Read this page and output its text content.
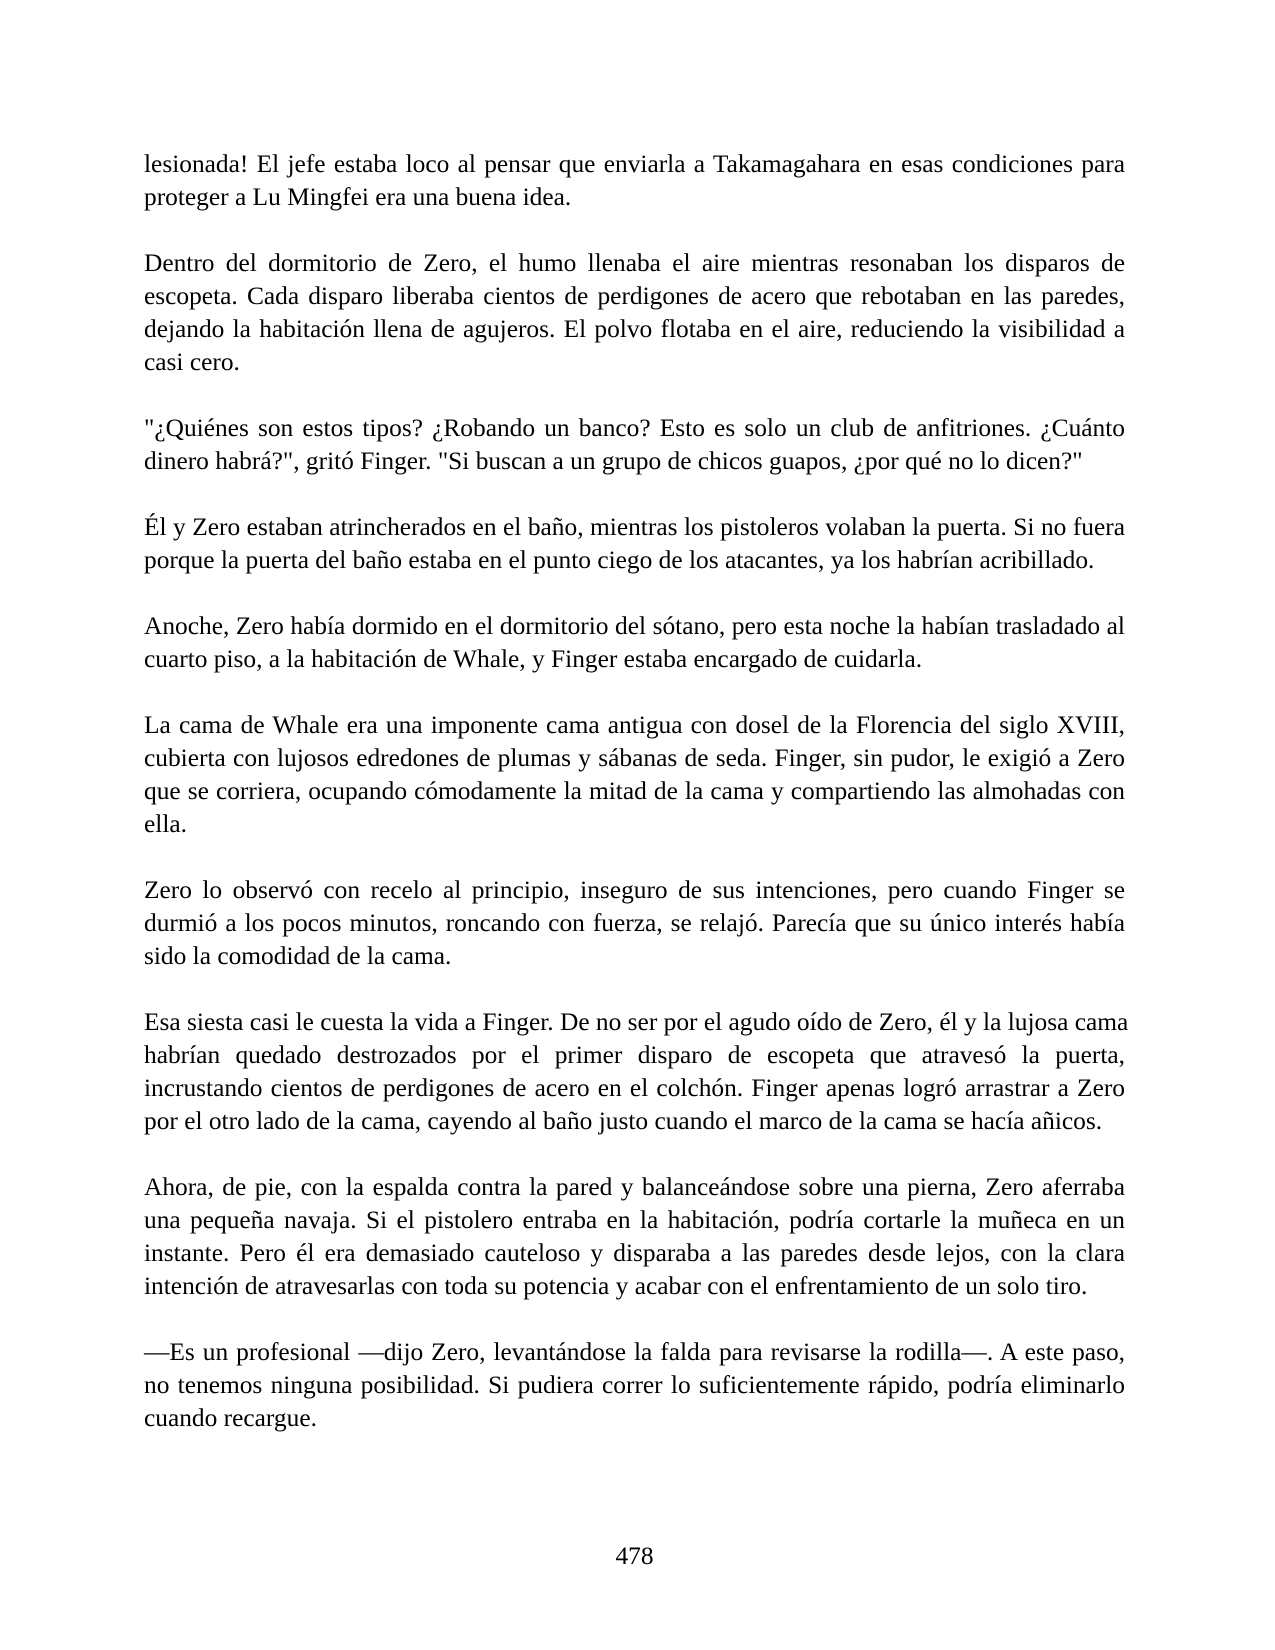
lesionada! El jefe estaba loco al pensar que enviarla a Takamagahara en esas condiciones para
proteger a Lu Mingfei era una buena idea.
Dentro del dormitorio de Zero, el humo llenaba el aire mientras resonaban los disparos de
escopeta. Cada disparo liberaba cientos de perdigones de acero que rebotaban en las paredes,
dejando la habitación llena de agujeros. El polvo flotaba en el aire, reduciendo la visibilidad a
casi cero.
"¿Quiénes son estos tipos? ¿Robando un banco? Esto es solo un club de anfitriones. ¿Cuánto
dinero habrá?", gritó Finger. "Si buscan a un grupo de chicos guapos, ¿por qué no lo dicen?"
Él y Zero estaban atrincherados en el baño, mientras los pistoleros volaban la puerta. Si no fuera
porque la puerta del baño estaba en el punto ciego de los atacantes, ya los habrían acribillado.
Anoche, Zero había dormido en el dormitorio del sótano, pero esta noche la habían trasladado al
cuarto piso, a la habitación de Whale, y Finger estaba encargado de cuidarla.
La cama de Whale era una imponente cama antigua con dosel de la Florencia del siglo XVIII,
cubierta con lujosos edredones de plumas y sábanas de seda. Finger, sin pudor, le exigió a Zero
que se corriera, ocupando cómodamente la mitad de la cama y compartiendo las almohadas con
ella.
Zero lo observó con recelo al principio, inseguro de sus intenciones, pero cuando Finger se
durmió a los pocos minutos, roncando con fuerza, se relajó. Parecía que su único interés había
sido la comodidad de la cama.
Esa siesta casi le cuesta la vida a Finger. De no ser por el agudo oído de Zero, él y la lujosa cama
habrían quedado destrozados por el primer disparo de escopeta que atravesó la puerta,
incrustando cientos de perdigones de acero en el colchón. Finger apenas logró arrastrar a Zero
por el otro lado de la cama, cayendo al baño justo cuando el marco de la cama se hacía añicos.
Ahora, de pie, con la espalda contra la pared y balanceándose sobre una pierna, Zero aferraba
una pequeña navaja. Si el pistolero entraba en la habitación, podría cortarle la muñeca en un
instante. Pero él era demasiado cauteloso y disparaba a las paredes desde lejos, con la clara
intención de atravesarlas con toda su potencia y acabar con el enfrentamiento de un solo tiro.
—Es un profesional —dijo Zero, levantándose la falda para revisarse la rodilla—. A este paso,
no tenemos ninguna posibilidad. Si pudiera correr lo suficientemente rápido, podría eliminarlo
cuando recargue.
478
